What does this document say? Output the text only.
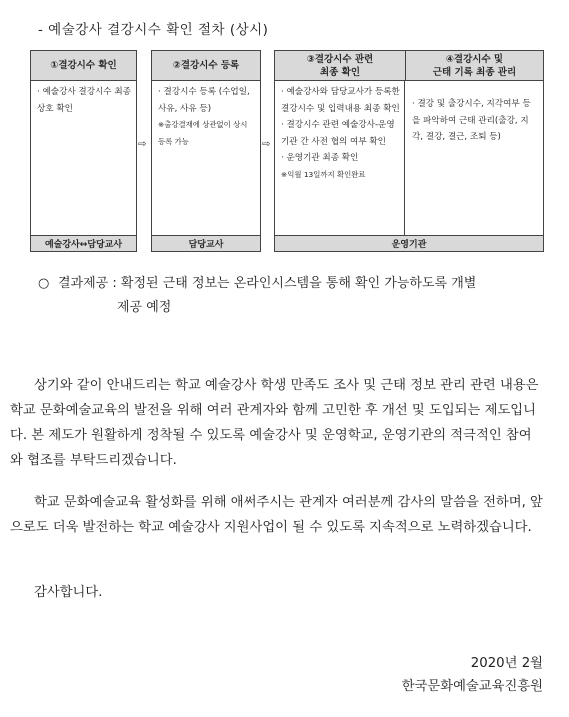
- 예술강사 결강시수 확인 절차 (상시)
①결강시수 확인

· 예술강사 결강시수 최종 상호 확인

예술강사↔담당교사
⇨
②결강시수 등록

· 결강시수 등록 (수업일, 사유, 사유 등)

※출강결재에 상관없이 상시 등록 가능

담당교사
⇨
③결강시수 관련
최종 확인
④결강시수 및
근태 기록 최종 관리

· 예술강사와 담당교사가 등록한 결강시수 및 입력내용 최종 확인

· 결강시수 관련 예술강사-운영기관 간 사전 협의 여부 확인

· 운영기관 최종 확인

※익월 13일까지 확인완료

· 결강 및 출강시수, 지각여부 등을 파악하여 근태 관리(출강, 지각, 결강, 결근, 조퇴 등)

운영기관
○ 결과제공 : 확정된 근태 정보는 온라인시스템을 통해 확인 가능하도록 개별
제공 예정

상기와 같이 안내드리는 학교 예술강사 학생 만족도 조사 및 근태 정보 관리 관련 내용은 학교 문화예술교육의 발전을 위해 여러 관계자와 함께 고민한 후 개선 및 도입되는 제도입니다. 본 제도가 원활하게 정착될 수 있도록 예술강사 및 운영학교, 운영기관의 적극적인 참여와 협조를 부탁드리겠습니다.

학교 문화예술교육 활성화를 위해 애써주시는 관계자 여러분께 감사의 말씀을 전하며, 앞으로도 더욱 발전하는 학교 예술강사 지원사업이 될 수 있도록 지속적으로 노력하겠습니다.

감사합니다.

2020년 2월
한국문화예술교육진흥원
